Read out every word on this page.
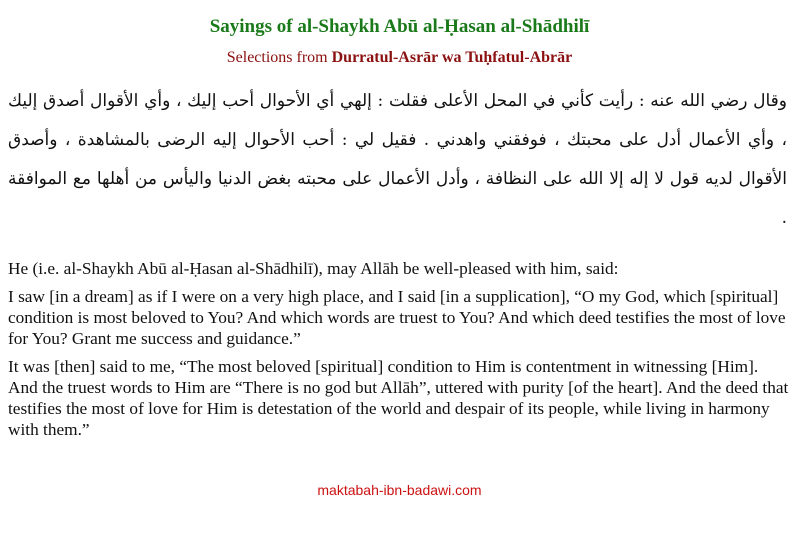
Sayings of al-Shaykh Abū al-Ḥasan al-Shādhilī

Selections from Durratul-Asrār wa Tuḥfatul-Abrār

وقال رضي الله عنه : رأيت كأني في المحل الأعلى فقلت : إلهي أي الأحوال أحب إليك ، وأي الأقوال أصدق إليك ، وأي الأعمال أدل على محبتك ، فوفقني واهدني . فقيل لي : أحب الأحوال إليه الرضى بالمشاهدة ، وأصدق الأقوال لديه قول لا إله إلا الله على النظافة ، وأدل الأعمال على محبته بغض الدنيا واليأس من أهلها مع الموافقة .

He (i.e. al-Shaykh Abū al-Ḥasan al-Shādhilī), may Allāh be well-pleased with him, said:

I saw [in a dream] as if I were on a very high place, and I said [in a supplication], “O my God, which [spiritual] condition is most beloved to You? And which words are truest to You? And which deed testifies the most of love for You? Grant me success and guidance.”

It was [then] said to me, “The most beloved [spiritual] condition to Him is contentment in witnessing [Him]. And the truest words to Him are “There is no god but Allāh”, uttered with purity [of the heart]. And the deed that testifies the most of love for Him is detestation of the world and despair of its people, while living in harmony with them.”

maktabah-ibn-badawi.com
